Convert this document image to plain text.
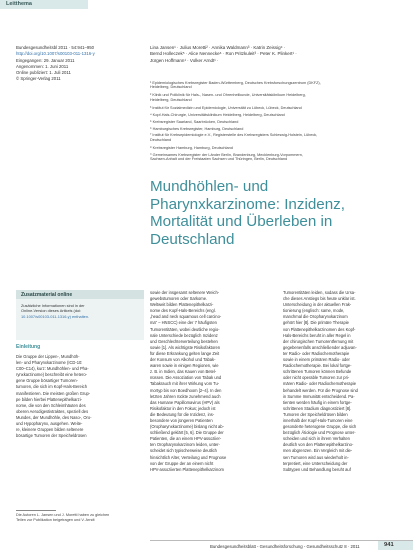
Leitthema
Bundesgesundheitsbl 2011 · 54:941–950
http://doi.org/10.1007/s00103-011-1316-y
Eingegangen: 29. Januar 2011
Angenommen: 1. Juni 2011
Online publiziert: 1. Juli 2011
© Springer-Verlag 2011
Lina Jansen¹ · Julius Moretti² · Annika Waldmann³ · Katrin Zeissig⁴ ·
Bernd Holleczek⁵ · Alice Nennecke⁶ · Ron Pritzkuleit³ · Peter K. Plinkert¹ ·
Jürgen Hoffmann¹ · Volker Arndt¹ ·
¹ Epidemiologisches Krebsregister Baden-Württemberg, Deutsches Krebsforschungszentrum (DKFZ),
Heidelberg, Deutschland
² Klinik und Poliklinik für Hals-, Nasen- und Ohrenheilkunde, Universitätsklinikum Heidelberg,
Heidelberg, Deutschland
³ Institut für Sozialmedizin und Epidemiologie, Universität zu Lübeck, Lübeck, Deutschland
⁴ Kopf-Hals-Chirurgie, Universitätsklinikum Heidelberg, Heidelberg, Deutschland
⁵ Krebsregister Saarland, Saarbrücken, Deutschland
⁶ Hamburgisches Krebsregister, Hamburg, Deutschland
⁷ Institut für Krebsepidemiologie e.V., Registerstelle des Krebsregisters Schleswig-Holstein, Lübeck,
Deutschland
⁸ Krebsregister Hamburg, Hamburg, Deutschland
⁹ Gemeinsames Krebsregister der Länder Berlin, Brandenburg, Mecklenburg-Vorpommern,
Sachsen-Anhalt und der Freistaaten Sachsen und Thüringen, Berlin, Deutschland
Mundhöhlen- und
Pharynxkarzinome: Inzidenz,
Mortalität und Überleben in
Deutschland
Zusatzmaterial online
Zusätzliche Informationen sind in der
Online-Version dieses Artikels (doi:
10.1007/s00103-011-1316-y) enthalten.
Einleitung
Die Gruppe der Lippen-, Mundhöh-
len- und Pharynxkarzinome (ICD-10:
C00–C14), kurz: Mundhöhlen- und Pha-
rynxkarzinome) beschreibt eine hetero-
gene Gruppe bösartiger Tumoren-
tumoren, die sich im Kopf-Hals-Bereich
manifestieren. Die meisten großen Grup-
pe bilden hierbei Plattenepithelkarzi-
nome, die von den Schleimhäuten des
oberen Aerodigestivtraktes, speziell des
Mundes, der Mundhöhle, des Naso-, Oro-
und Hypopharynx, ausgehen. Weite-
re, kleinere Gruppen bilden seltenere
bösartige Tumoren der Speicheldrüsen
sowie der insgesamt seltenere Weich-
gewebstumoren oder Sarkome.
Weltweit bilden Plattenepithelkarzi-
nome des Kopf-Hals-Bereichs (engl.
„head and neck squamous cell carcino-
ma“ – HNSCC) eine der 7 häufigsten
Tumorentitäten, wobei deutliche regio-
nale Unterschiede bezüglich Inzidenz
und Geschlechterverteilung bestehen
sowie [1]. Als wichtigste Risikofaktoren
für diese Erkrankung gelten lange Zeit
der Konsum von Alkohol und Tabak-
waren sowie in einigen Regionen, wie
z. B. in Indien, das Kauen von Betel-
nüssen. Die Assoziation von Tabak und
Tabakrauch mit ihrer Wirkung vom Tu-
mortyp bis von Boedhoom [2–4]. In den
letzten Jahren rückte zunehmend auch
das Humane Papillomavirus (HPV) als
Risikofaktor in den Fokus; jedoch ist
die Bedeutung für die Inzidenz, ins-
besondere von jüngeren Patienten
(Oropharynxkarzinome) bislang nicht ab-
schließend geklärt [5, 6]. Die Gruppe der
Patienten, die an einem HPV-assoziier-
ten Oropharynxkarzinom leiden, unter-
scheidet sich typischerweise deutlich
hinsichtlich Alter, Verteilung und Prognose
von der Gruppe der an einem nicht
HPV-assoziierten Plattenepithelkarzinom
Tumorentitäten leiden, sodass die Ursa-
che dieses Anstiegs bis heute unklar ist.
Unterscheidung in der aktuellen Frak-
tionierung (englisch: same, mode,
manchmal die Oropharynxkarzinom
gehört hier [8]. Die primäre Therapie
von Plattenepithelkarzinomen des Kopf-
Hals-Bereichs beruht in aller Regel in
der chirurgischen Tumorentfernung mit
gegebenenfalls anschließender adjuvan-
ter Radio- oder Radiochemotherapie
sowie in einem primären Radio- oder
Radiochemotherapie. Bei lokal fortge-
schrittenen Tumoren können Befunde
oder nicht operable Tumoren zur pri-
mären Radio- oder Radiochemotherapie
behandelt werden. Für die Prognose sind
in Summe Immunität entscheidend. Pa-
tienten werden häufig in einem fortge-
schrittenen Stadium diagnostiziert [8].
Tumoren der Speicheldrüsen bilden
innerhalb der Kopf-Hals-Tumoren eine
gesonderte heterogene Gruppe, die sich
bezüglich Ätiologie und Prognose unter-
scheiden und sich in ihrem Verhalten
deutlich von den Plattenepithelkarzino-
men abgrenzen. Ein Vergleich mit die-
sen Tumoren wird aus wiederholt in-
terpretiert, eine Unterscheidung der
Subtypen und Behandlung beruht auf
Die Autoren L. Jansen und J. Moretti haben zu gleichen
Teilen zur Publikation beigetragen und V. Arndt
Bundesgesundheitsblatt - Gesundheitsforschung - Gesundheitsschutz 8 · 2011	941
